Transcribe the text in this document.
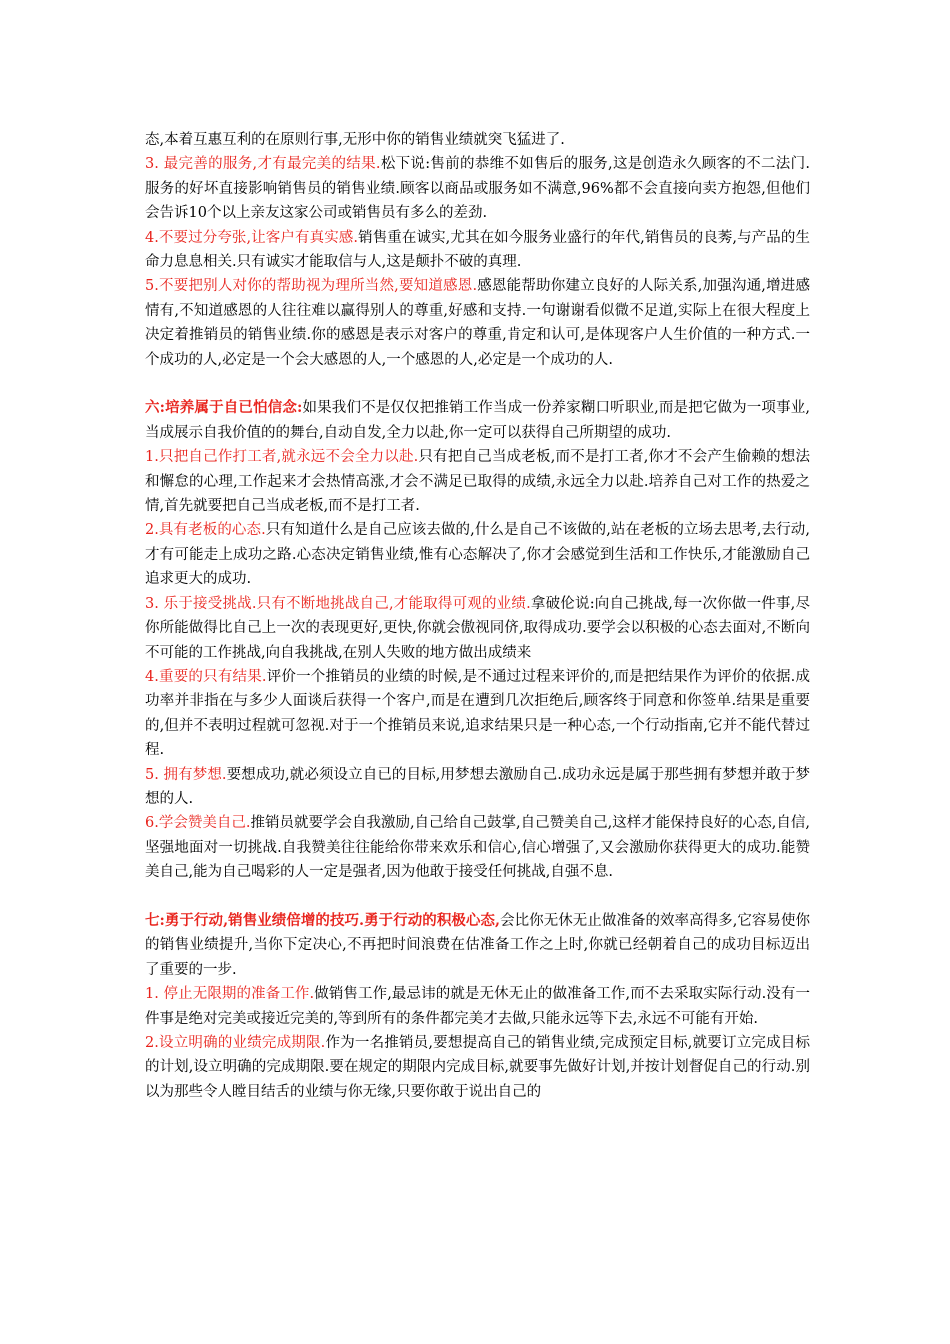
态,本着互惠互利的在原则行事,无形中你的销售业绩就突飞猛进了.

3. 最完善的服务,才有最完美的结果.松下说:售前的恭维不如售后的服务,这是创造永久顾客的不二法门.服务的好坏直接影响销售员的销售业绩.顾客以商品或服务如不满意,96%都不会直接向卖方抱怨,但他们会告诉10个以上亲友这家公司或销售员有多么的差劲.

4.不要过分夸张,让客户有真实感.销售重在诚实,尤其在如今服务业盛行的年代,销售员的良莠,与产品的生命力息息相关.只有诚实才能取信与人,这是颠扑不破的真理.

5.不要把别人对你的帮助视为理所当然,要知道感恩.感恩能帮助你建立良好的人际关系,加强沟通,增进感情有,不知道感恩的人往往难以赢得别人的尊重,好感和支持.一句谢谢看似微不足道,实际上在很大程度上决定着推销员的销售业绩.你的感恩是表示对客户的尊重,肯定和认可,是体现客户人生价值的一种方式.一个成功的人,必定是一个会大感恩的人,一个感恩的人,必定是一个成功的人.

六:培养属于自已怕信念:如果我们不是仅仅把推销工作当成一份养家糊口听职业,而是把它做为一项事业,当成展示自我价值的的舞台,自动自发,全力以赴,你一定可以获得自己所期望的成功.

1.只把自己作打工者,就永远不会全力以赴.只有把自己当成老板,而不是打工者,你才不会产生偷赖的想法和懈怠的心理,工作起来才会热情高涨,才会不满足已取得的成绩,永远全力以赴.培养自己对工作的热爱之情,首先就要把自己当成老板,而不是打工者.

2.具有老板的心态.只有知道什么是自己应该去做的,什么是自己不该做的,站在老板的立场去思考,去行动,才有可能走上成功之路.心态决定销售业绩,惟有心态解决了,你才会感觉到生活和工作快乐,才能激励自己追求更大的成功.

3. 乐于接受挑战.只有不断地挑战自己,才能取得可观的业绩.拿破伦说:向自己挑战,每一次你做一件事,尽你所能做得比自己上一次的表现更好,更快,你就会傲视同侪,取得成功.要学会以积极的心态去面对,不断向不可能的工作挑战,向自我挑战,在别人失败的地方做出成绩来

4.重要的只有结果.评价一个推销员的业绩的时候,是不通过过程来评价的,而是把结果作为评价的依据.成功率并非指在与多少人面谈后获得一个客户,而是在遭到几次拒绝后,顾客终于同意和你签单.结果是重要的,但并不表明过程就可忽视.对于一个推销员来说,追求结果只是一种心态,一个行动指南,它并不能代替过程.

5. 拥有梦想.要想成功,就必须设立自已的目标,用梦想去激励自己.成功永远是属于那些拥有梦想并敢于梦想的人.

6.学会赞美自己.推销员就要学会自我激励,自己给自己鼓掌,自己赞美自己,这样才能保持良好的心态,自信,坚强地面对一切挑战.自我赞美往往能给你带来欢乐和信心,信心增强了,又会激励你获得更大的成功.能赞美自己,能为自己喝彩的人一定是强者,因为他敢于接受任何挑战,自强不息.

七:勇于行动,销售业绩倍增的技巧.勇于行动的积极心态,会比你无休无止做准备的效率高得多,它容易使你的销售业绩提升,当你下定决心,不再把时间浪费在估准备工作之上时,你就已经朝着自己的成功目标迈出了重要的一步.

1. 停止无限期的准备工作.做销售工作,最忌讳的就是无休无止的做准备工作,而不去采取实际行动.没有一件事是绝对完美或接近完美的,等到所有的条件都完美才去做,只能永远等下去,永远不可能有开始.

2.设立明确的业绩完成期限.作为一名推销员,要想提高自己的销售业绩,完成预定目标,就要订立完成目标的计划,设立明确的完成期限.要在规定的期限内完成目标,就要事先做好计划,并按计划督促自己的行动.别以为那些令人瞠目结舌的业绩与你无缘,只要你敢于说出自己的
